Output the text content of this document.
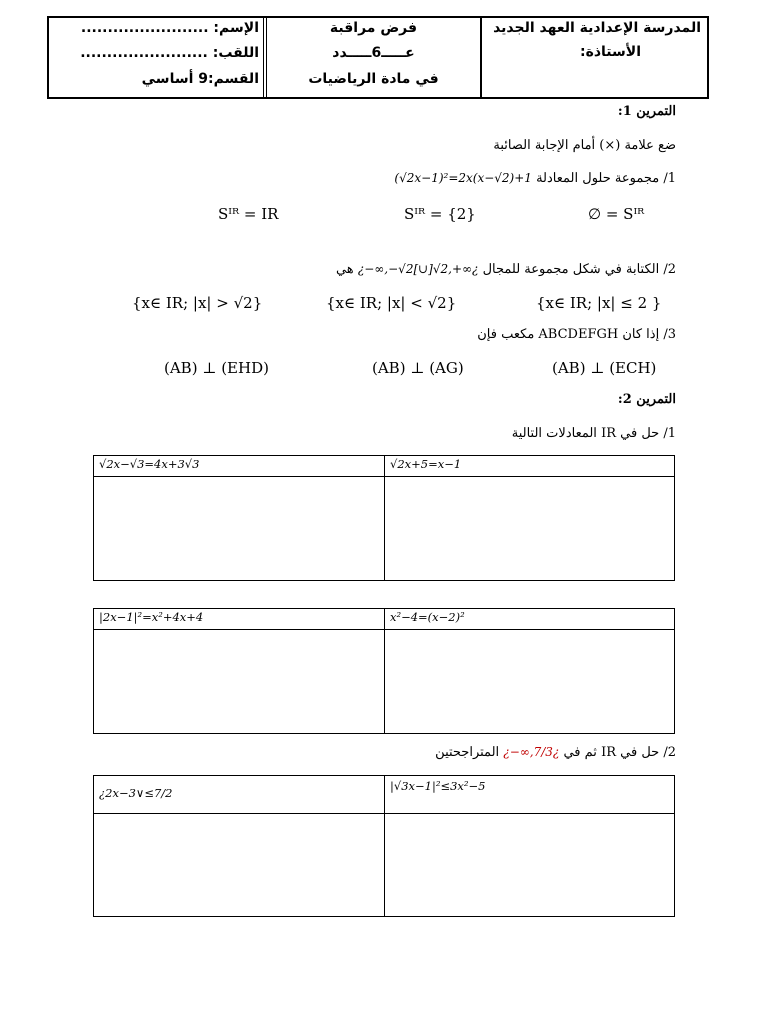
المدرسة الإعدادية العهد الجديد
الأستاذة:
فرض مراقبة
عـــــ6ـــــدد
في مادة الرياضيات
الإسم: ........................
اللقب: ........................
القسم:9 أساسي
التمرين 1:
ضع علامة (×) أمام الإجابة الصائبة
1/ مجموعة حلول المعادلة (√2x−1)²=2x(x−√2)+1
∅ = Sᴵᴿ
Sᴵᴿ = {2}
Sᴵᴿ = IR
2/ الكتابة في شكل مجموعة للمجال ¿−∞,−√2[∪]√2,+∞¿ هي
{x∈ IR; |x| ≤ 2 }
{x∈ IR; |x| < √2}
{x∈ IR; |x| > √2}
3/ إذا كان ABCDEFGH مكعب فإن
(AB) ⊥ (ECH)
(AB) ⊥ (AG)
(AB) ⊥ (EHD)
التمرين 2:
1/ حل في IR المعادلات التالية
√2x+5=x−1
√2x−√3=4x+3√3
x²−4=(x−2)²
|2x−1|²=x²+4x+4
2/ حل في IR ثم في ¿−∞,7/3¿ المتراجحتين
|√3x−1|²≤3x²−5
¿2x−3∨≤7/2
